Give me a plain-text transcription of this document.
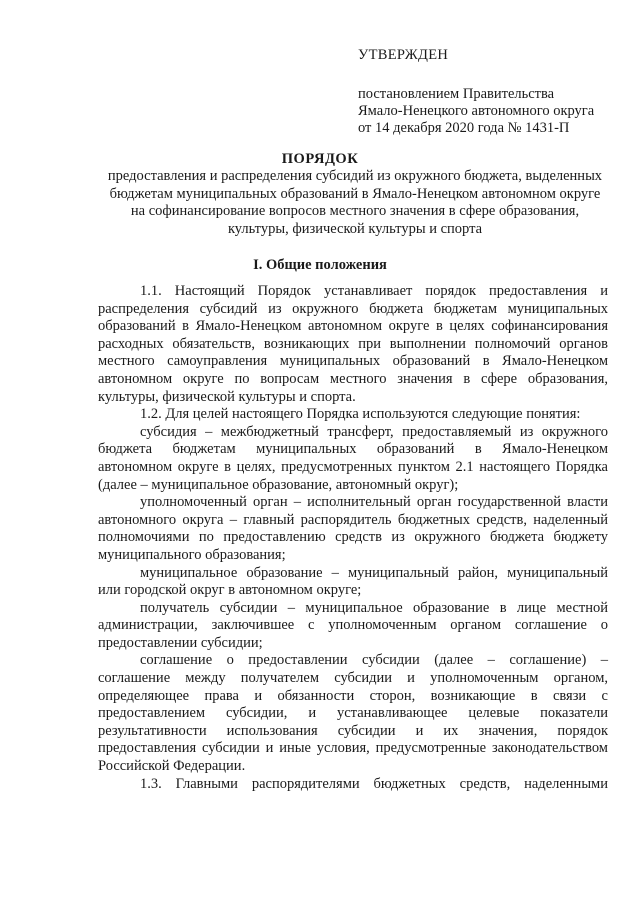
УТВЕРЖДЕН
постановлением Правительства
Ямало-Ненецкого автономного округа
от 14 декабря 2020 года № 1431-П
ПОРЯДОК
предоставления и распределения субсидий из окружного бюджета, выделенных
бюджетам муниципальных образований в Ямало-Ненецком автономном округе
на софинансирование вопросов местного значения в сфере образования,
культуры, физической культуры и спорта
I. Общие положения
1.1. Настоящий Порядок устанавливает порядок предоставления и
распределения субсидий из окружного бюджета бюджетам муниципальных
образований в Ямало-Ненецком автономном округе в целях софинансирования
расходных обязательств, возникающих при выполнении полномочий органов
местного самоуправления муниципальных образований в Ямало-Ненецком
автономном округе по вопросам местного значения в сфере образования,
культуры, физической культуры и спорта.
1.2. Для целей настоящего Порядка используются следующие понятия:
субсидия – межбюджетный трансферт, предоставляемый из окружного
бюджета бюджетам муниципальных образований в Ямало-Ненецком
автономном округе в целях, предусмотренных пунктом 2.1 настоящего Порядка
(далее – муниципальное образование, автономный округ);
уполномоченный орган – исполнительный орган государственной власти
автономного округа – главный распорядитель бюджетных средств, наделенный
полномочиями по предоставлению средств из окружного бюджета бюджету
муниципального образования;
муниципальное образование – муниципальный район, муниципальный
или городской округ в автономном округе;
получатель субсидии – муниципальное образование в лице местной
администрации, заключившее с уполномоченным органом соглашение о
предоставлении субсидии;
соглашение о предоставлении субсидии (далее – соглашение) –
соглашение между получателем субсидии и уполномоченным органом,
определяющее права и обязанности сторон, возникающие в связи с
предоставлением субсидии, и устанавливающее целевые показатели
результативности использования субсидии и их значения, порядок
предоставления субсидии и иные условия, предусмотренные законодательством
Российской Федерации.
1.3. Главными распорядителями бюджетных средств, наделенными
